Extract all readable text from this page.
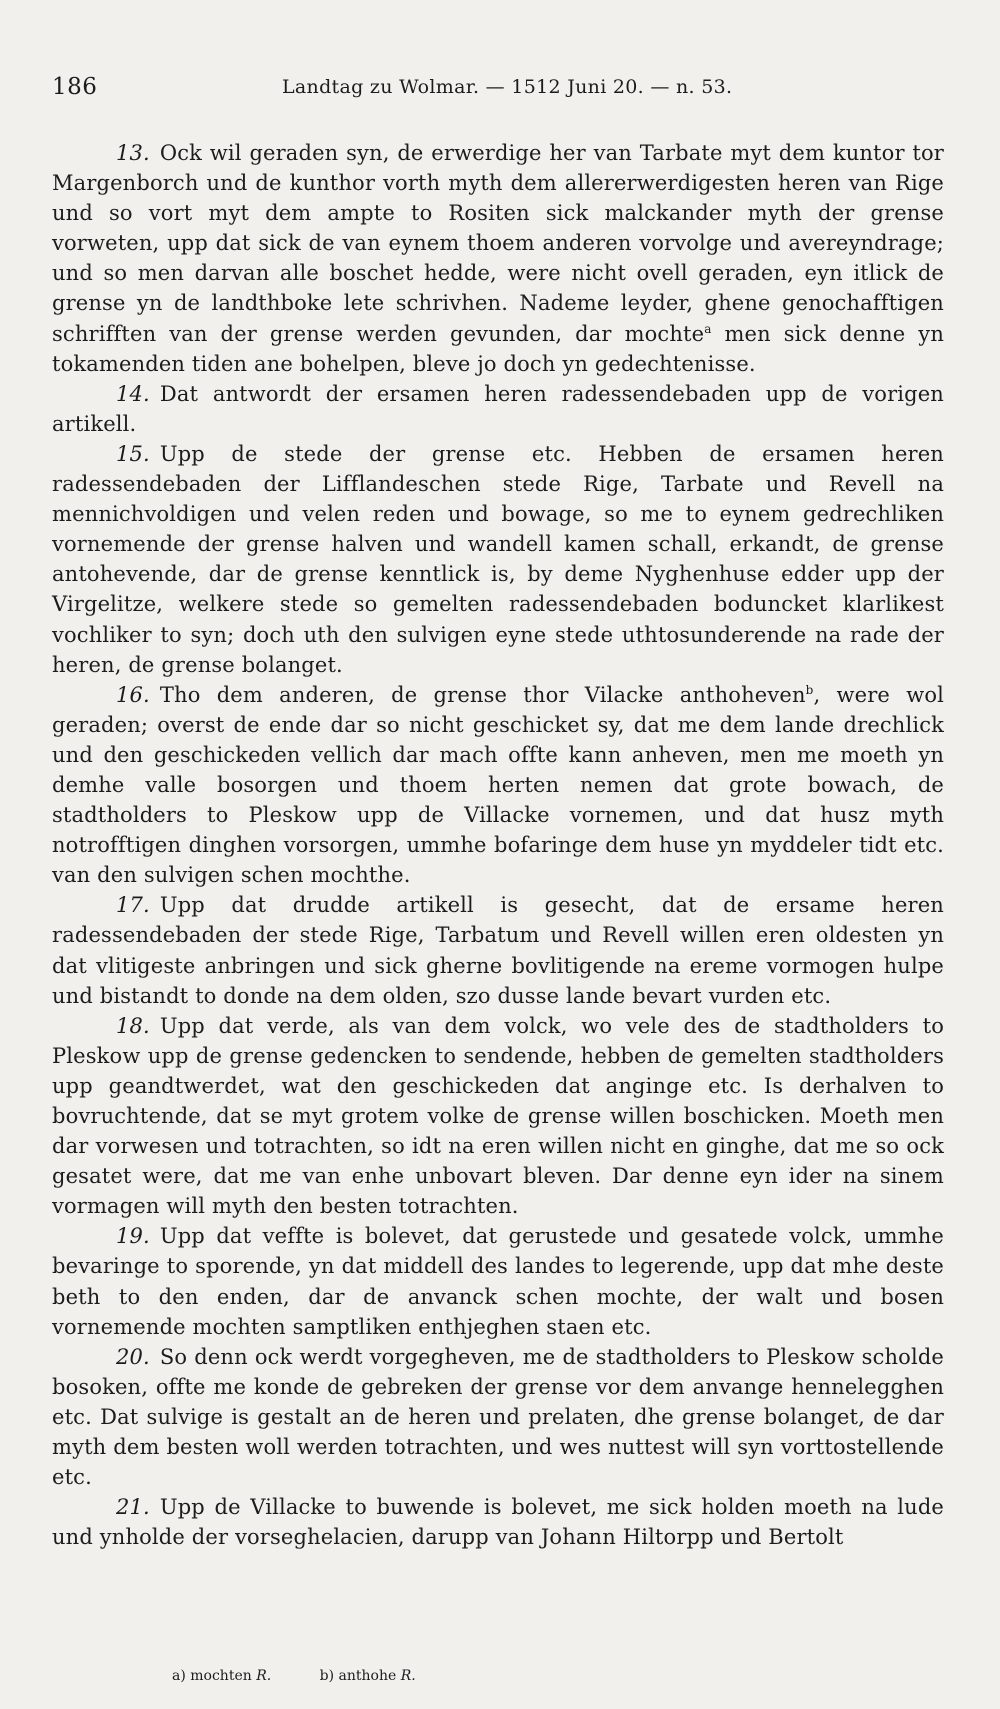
186	Landtag zu Wolmar. — 1512 Juni 20. — n. 53.

13. Ock wil geraden syn, de erwerdige her van Tarbate myt dem kuntor tor Margenborch und de kunthor vorth myth dem allererwerdigesten heren van Rige und so vort myt dem ampte to Rositen sick malckander myth der grense vorweten, upp dat sick de van eynem thoem anderen vorvolge und avereyndrage; und so men darvan alle boschet hedde, were nicht ovell geraden, eyn itlick de grense yn de landthboke lete schrivhen. Nademe leyder, ghene genochafftigen schrifften van der grense werden gevunden, dar mochte$^a$ men sick denne yn tokamenden tiden ane bohelpen, bleve jo doch yn gedechtenisse.

14. Dat antwordt der ersamen heren radessendebaden upp de vorigen artikell.

15. Upp de stede der grense etc. Hebben de ersamen heren radessendebaden der Lifflandeschen stede Rige, Tarbate und Revell na mennichvoldigen und velen reden und bowage, so me to eynem gedrechliken vornemende der grense halven und wandell kamen schall, erkandt, de grense antohevende, dar de grense kenntlick is, by deme Nyghenhuse edder upp der Virgelitze, welkere stede so gemelten radessendebaden boduncket klarlikest vochliker to syn; doch uth den sulvigen eyne stede uthtosunderende na rade der heren, de grense bolanget.

16. Tho dem anderen, de grense thor Vilacke anthoheven$^b$, were wol geraden; overst de ende dar so nicht geschicket sy, dat me dem lande drechlick und den geschickeden vellich dar mach offte kann anheven, men me moeth yn demhe valle bosorgen und thoem herten nemen dat grote bowach, de stadtholders to Pleskow upp de Villacke vornemen, und dat husz myth notrofftigen dinghen vorsorgen, ummhe bofaringe dem huse yn myddeler tidt etc. van den sulvigen schen mochthe.

17. Upp dat drudde artikell is gesecht, dat de ersame heren radessendebaden der stede Rige, Tarbatum und Revell willen eren oldesten yn dat vlitigeste anbringen und sick gherne bovlitigende na ereme vormogen hulpe und bistandt to donde na dem olden, szo dusse lande bevart vurden etc.

18. Upp dat verde, als van dem volck, wo vele des de stadtholders to Pleskow upp de grense gedencken to sendende, hebben de gemelten stadtholders upp geandtwerdet, wat den geschickeden dat anginge etc. Is derhalven to bovruchtende, dat se myt grotem volke de grense willen boschicken. Moeth men dar vorwesen und totrachten, so idt na eren willen nicht en ginghe, dat me so ock gesatet were, dat me van enhe unbovart bleven. Dar denne eyn ider na sinem vormagen will myth den besten totrachten.

19. Upp dat veffte is bolevet, dat gerustede und gesatede volck, ummhe bevaringe to sporende, yn dat middell des landes to legerende, upp dat mhe deste beth to den enden, dar de anvanck schen mochte, der walt und bosen vornemende mochten samptliken enthjeghen staen etc.

20. So denn ock werdt vorgegheven, me de stadtholders to Pleskow scholde bosoken, offte me konde de gebreken der grense vor dem anvange hennelegghen etc. Dat sulvige is gestalt an de heren und prelaten, dhe grense bolanget, de dar myth dem besten woll werden totrachten, und wes nuttest will syn vorttostellende etc.

21. Upp de Villacke to buwende is bolevet, me sick holden moeth na lude und ynholde der vorseghelacien, darupp van Johann Hiltorpp und Bertolt

a) mochten R.	b) anthohe R.
